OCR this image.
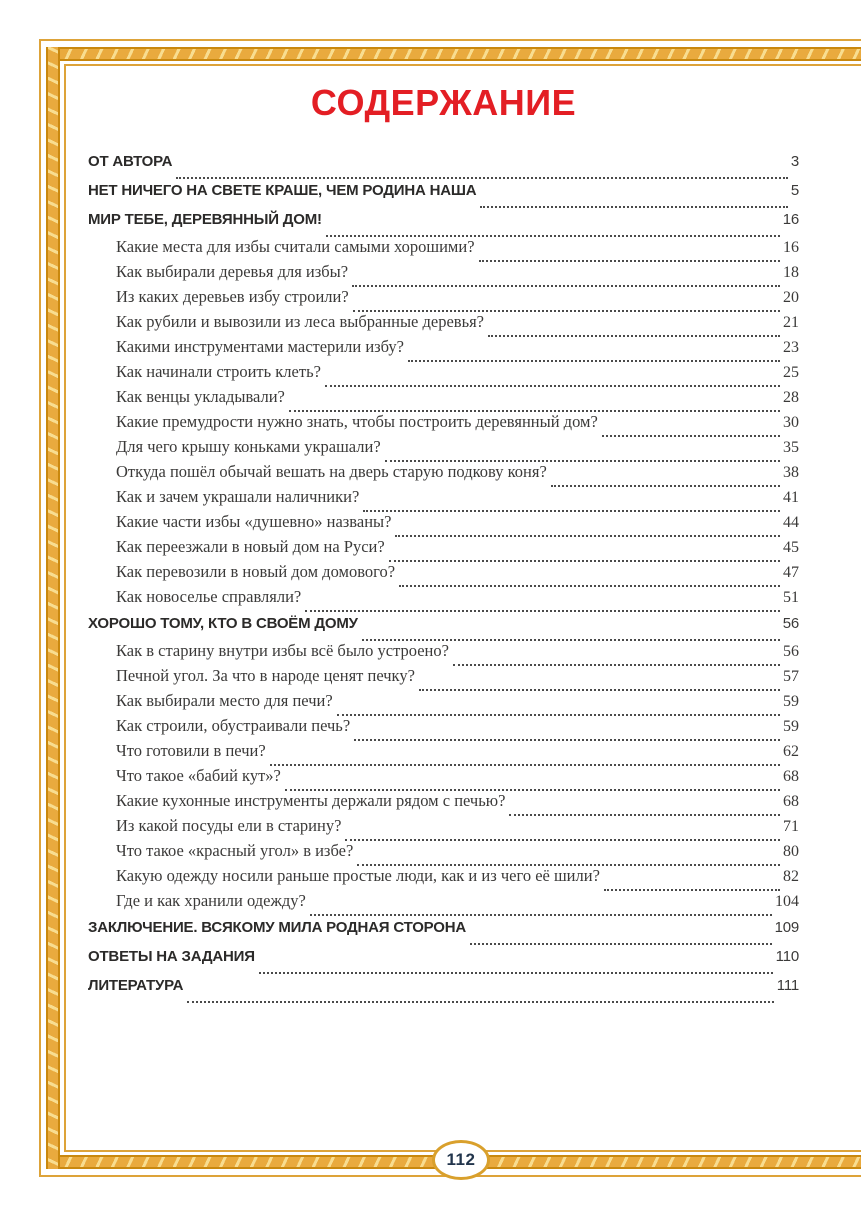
112
СОДЕРЖАНИЕ
ОТ АВТОРА	3
НЕТ НИЧЕГО НА СВЕТЕ КРАШЕ, ЧЕМ РОДИНА НАША	5
МИР ТЕБЕ, ДЕРЕВЯННЫЙ ДОМ!	16
Какие места для избы считали самыми хорошими?	16
Как выбирали деревья для избы?	18
Из каких деревьев избу строили?	20
Как рубили и вывозили из леса выбранные деревья?	21
Какими инструментами мастерили избу?	23
Как начинали строить клеть?	25
Как венцы укладывали?	28
Какие премудрости нужно знать, чтобы построить деревянный дом?	30
Для чего крышу коньками украшали?	35
Откуда пошёл обычай вешать на дверь старую подкову коня?	38
Как и зачем украшали наличники?	41
Какие части избы «душевно» названы?	44
Как переезжали в новый дом на Руси?	45
Как перевозили в новый дом домового?	47
Как новоселье справляли?	51
ХОРОШО ТОМУ, КТО В СВОЁМ ДОМУ	56
Как в старину внутри избы всё было устроено?	56
Печной угол. За что в народе ценят печку?	57
Как выбирали место для печи?	59
Как строили, обустраивали печь?	59
Что готовили в печи?	62
Что такое «бабий кут»?	68
Какие кухонные инструменты держали рядом с печью?	68
Из какой посуды ели в старину?	71
Что такое «красный угол» в избе?	80
Какую одежду носили раньше простые люди, как и из чего её шили?	82
Где и как хранили одежду?	104
ЗАКЛЮЧЕНИЕ. ВСЯКОМУ МИЛА РОДНАЯ СТОРОНА	109
ОТВЕТЫ НА ЗАДАНИЯ	110
ЛИТЕРАТУРА	111
